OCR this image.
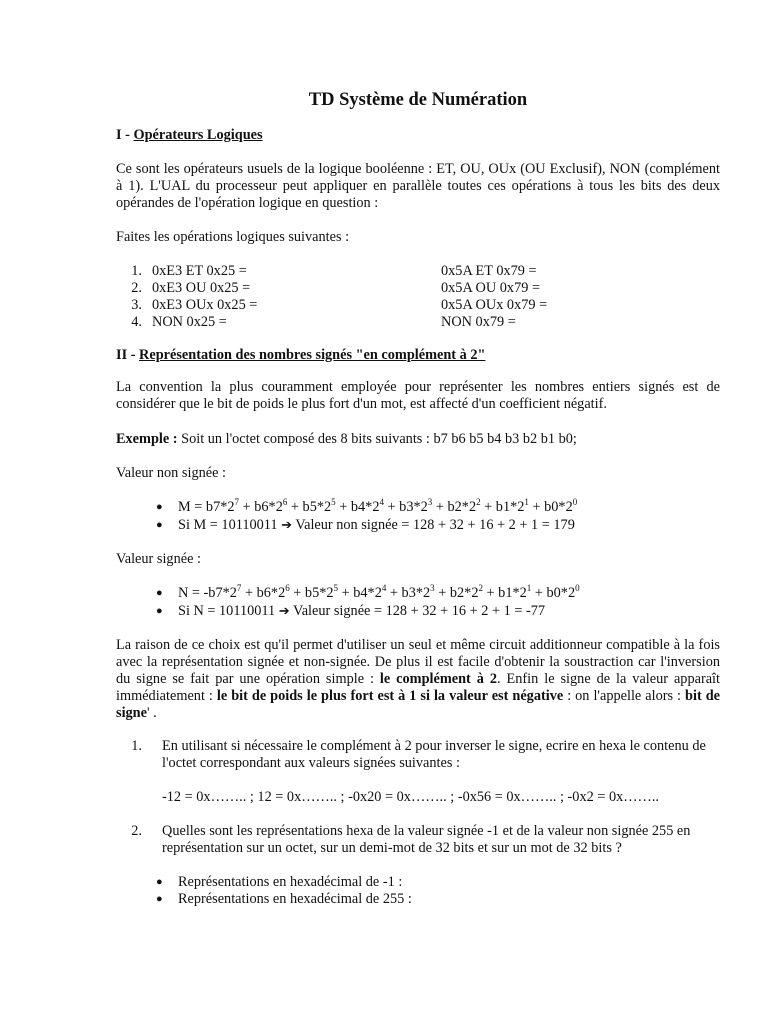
TD Système de Numération
I - Opérateurs Logiques
Ce sont les opérateurs usuels de la logique booléenne : ET, OU, OUx (OU Exclusif), NON (complément à 1). L'UAL du processeur peut appliquer en parallèle toutes ces opérations à tous les bits des deux opérandes de l'opération logique en question :
Faites les opérations logiques suivantes :
1. 0xE3 ET 0x25 =	0x5A ET 0x79 =
2. 0xE3 OU 0x25 =	0x5A OU 0x79 =
3. 0xE3 OUx 0x25 =	0x5A OUx 0x79 =
4. NON 0x25 =	NON 0x79 =
II - Représentation des nombres signés "en complément à 2"
La convention la plus couramment employée pour représenter les nombres entiers signés est de considérer que le bit de poids le plus fort d'un mot, est affecté d'un coefficient négatif.
Exemple : Soit un l'octet composé des 8 bits suivants : b7 b6 b5 b4 b3 b2 b1 b0;
Valeur non signée :
● $M = b7*2^7 + b6*2^6 + b5*2^5 + b4*2^4 + b3*2^3 + b2*2^2 + b1*2^1 + b0*2^0$
● Si M = 10110011 ➔ Valeur non signée = 128 + 32 + 16 + 2 + 1 = 179
Valeur signée :
● $N = -b7*2^7 + b6*2^6 + b5*2^5 + b4*2^4 + b3*2^3 + b2*2^2 + b1*2^1 + b0*2^0$
● Si N = 10110011 ➔ Valeur signée = 128 + 32 + 16 + 2 + 1 = -77
La raison de ce choix est qu'il permet d'utiliser un seul et même circuit additionneur compatible à la fois avec la représentation signée et non-signée. De plus il est facile d'obtenir la soustraction car l'inversion du signe se fait par une opération simple : le complément à 2. Enfin le signe de la valeur apparaît immédiatement : le bit de poids le plus fort est à 1 si la valeur est négative : on l'appelle alors : bit de signe' .
1. En utilisant si nécessaire le complément à 2 pour inverser le signe, ecrire en hexa le contenu de l'octet correspondant aux valeurs signées suivantes :
-12 = 0x…….. ; 12 = 0x…….. ; -0x20 = 0x…….. ; -0x56 = 0x…….. ; -0x2 = 0x……..
2. Quelles sont les représentations hexa de la valeur signée -1 et de la valeur non signée 255 en représentation sur un octet, sur un demi-mot de 32 bits et sur un mot de 32 bits ?
● Représentations en hexadécimal de -1 :
● Représentations en hexadécimal de 255 :
